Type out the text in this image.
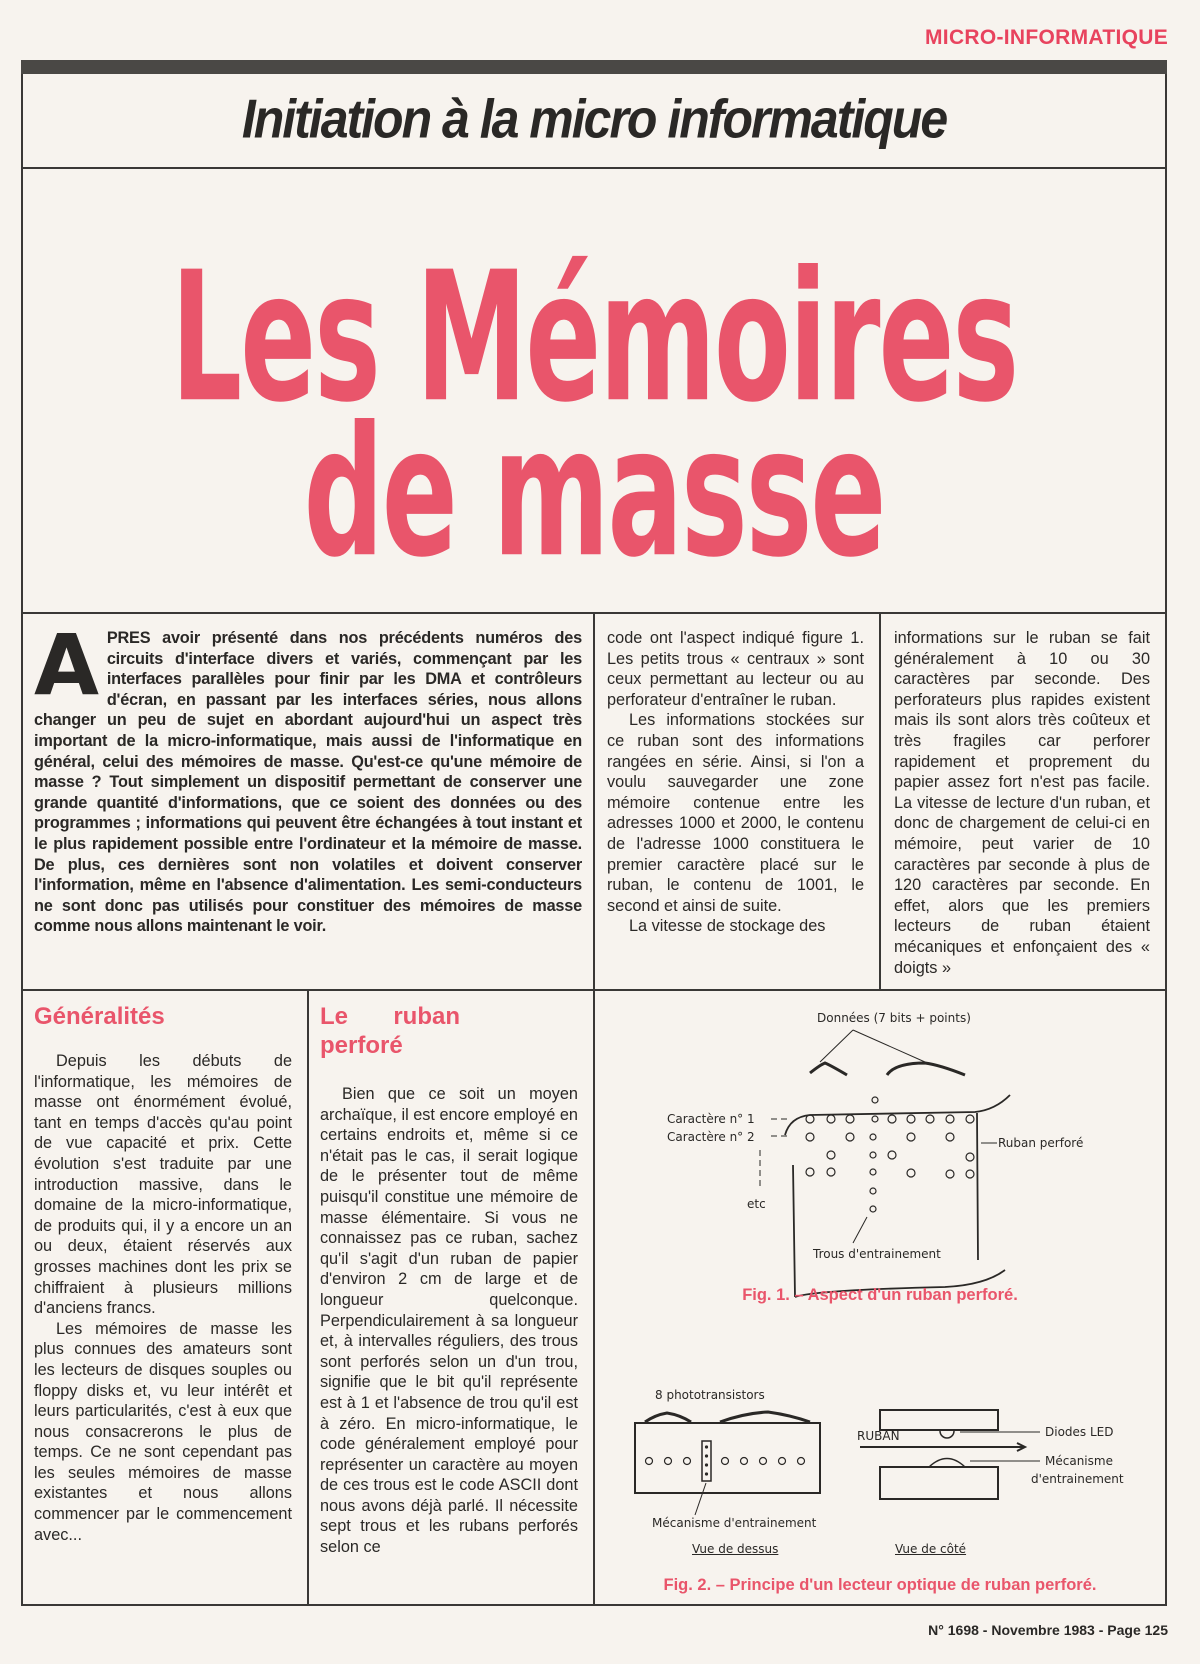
MICRO-INFORMATIQUE
Initiation à la micro informatique
Les Mémoires
de masse
APRES avoir présenté dans nos précédents numéros des circuits d'interface divers et variés, commençant par les interfaces parallèles pour finir par les DMA et contrôleurs d'écran, en passant par les interfaces séries, nous allons changer un peu de sujet en abordant aujourd'hui un aspect très important de la micro-informatique, mais aussi de l'informatique en général, celui des mémoires de masse. Qu'est-ce qu'une mémoire de masse ? Tout simplement un dispositif permettant de conserver une grande quantité d'informations, que ce soient des données ou des programmes ; informations qui peuvent être échangées à tout instant et le plus rapidement possible entre l'ordinateur et la mémoire de masse. De plus, ces dernières sont non volatiles et doivent conserver l'information, même en l'absence d'alimentation. Les semi-conducteurs ne sont donc pas utilisés pour constituer des mémoires de masse comme nous allons maintenant le voir.

code ont l'aspect indiqué figure 1. Les petits trous « centraux » sont ceux permettant au lecteur ou au perforateur d'entraîner le ruban.

Les informations stockées sur ce ruban sont des informations rangées en série. Ainsi, si l'on a voulu sauvegarder une zone mémoire contenue entre les adresses 1000 et 2000, le contenu de l'adresse 1000 constituera le premier caractère placé sur le ruban, le contenu de 1001, le second et ainsi de suite.

La vitesse de stockage des

informations sur le ruban se fait généralement à 10 ou 30 caractères par seconde. Des perforateurs plus rapides existent mais ils sont alors très coûteux et très fragiles car perforer rapidement et proprement du papier assez fort n'est pas facile. La vitesse de lecture d'un ruban, et donc de chargement de celui-ci en mémoire, peut varier de 10 caractères par seconde à plus de 120 caractères par seconde. En effet, alors que les premiers lecteurs de ruban étaient mécaniques et enfonçaient des « doigts »

Généralités

Depuis les débuts de l'informatique, les mémoires de masse ont énormément évolué, tant en temps d'accès qu'au point de vue capacité et prix. Cette évolution s'est traduite par une introduction massive, dans le domaine de la micro-informatique, de produits qui, il y a encore un an ou deux, étaient réservés aux grosses machines dont les prix se chiffraient à plusieurs millions d'anciens francs.

Les mémoires de masse les plus connues des amateurs sont les lecteurs de disques souples ou floppy disks et, vu leur intérêt et leurs particularités, c'est à eux que nous consacrerons le plus de temps. Ce ne sont cependant pas les seules mémoires de masse existantes et nous allons commencer par le commencement avec...

Le ruban perforé

Bien que ce soit un moyen archaïque, il est encore employé en certains endroits et, même si ce n'était pas le cas, il serait logique de le présenter tout de même puisqu'il constitue une mémoire de masse élémentaire. Si vous ne connaissez pas ce ruban, sachez qu'il s'agit d'un ruban de papier d'environ 2 cm de large et de longueur quelconque. Perpendiculairement à sa longueur et, à intervalles réguliers, des trous sont perforés selon un d'un trou, signifie que le bit qu'il représente est à 1 et l'absence de trou qu'il est à zéro. En micro-informatique, le code généralement employé pour représenter un caractère au moyen de ces trous est le code ASCII dont nous avons déjà parlé. Il nécessite sept trous et les rubans perforés selon ce

Données (7 bits + points)
Caractère n° 1
Caractère n° 2
etc
Ruban perforé
Trous d'entrainement
Fig. 1. – Aspect d'un ruban perforé.
8 phototransistors
Mécanisme d'entrainement
Vue de dessus
RUBAN	Diodes LED
Mécanisme
d'entrainement
Vue de côté
Fig. 2. – Principe d'un lecteur optique de ruban perforé.
N° 1698 - Novembre 1983 - Page 125
